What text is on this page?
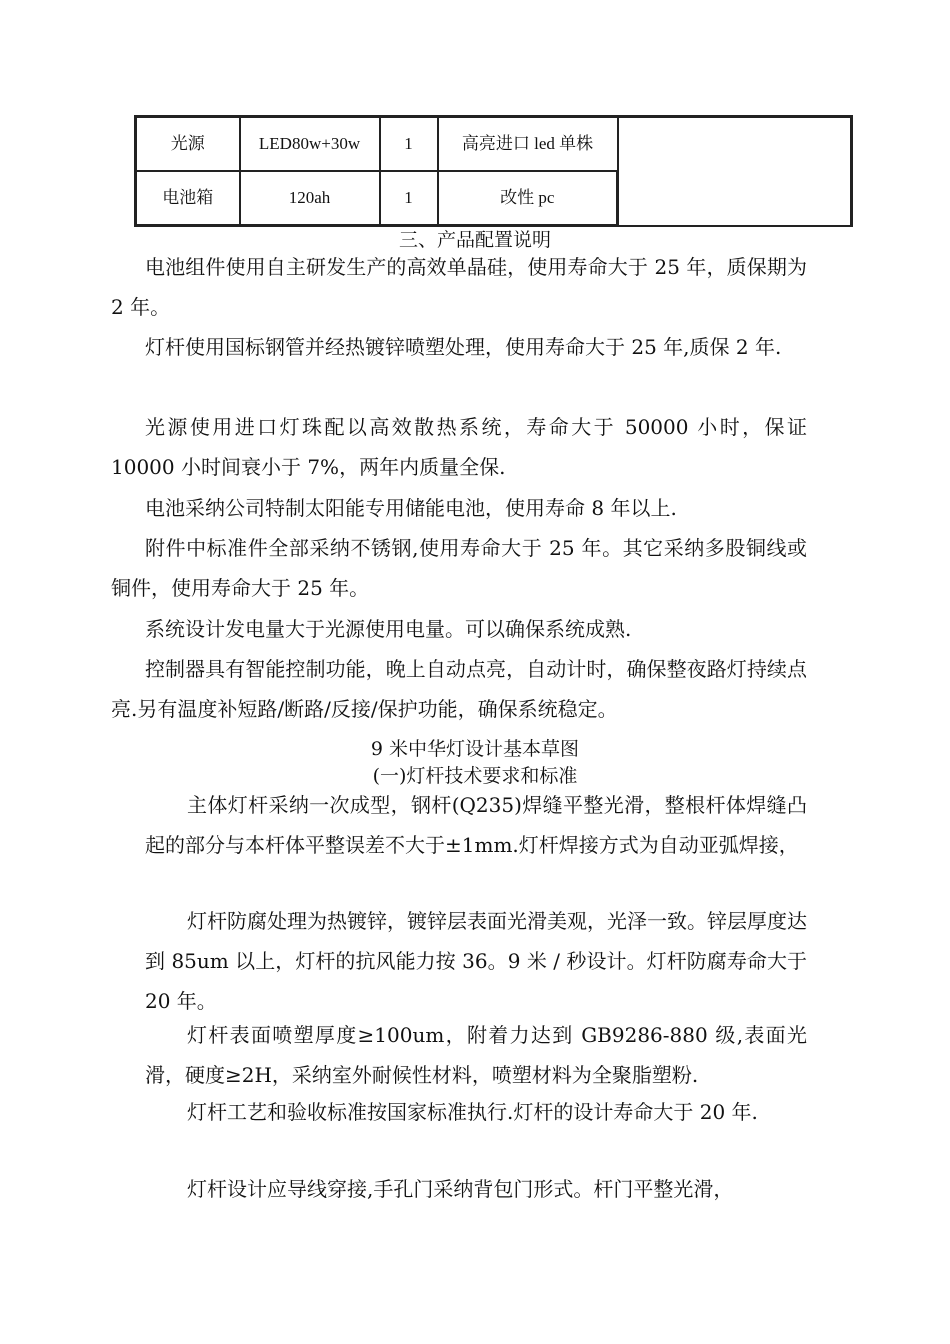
光源	LED80w+30w	1	高亮进口 led 单株	
电池箱	120ah	1	改性 pc	
三、产品配置说明

电池组件使用自主研发生产的高效单晶硅，使用寿命大于 25 年，质保期为 2 年。

灯杆使用国标钢管并经热镀锌喷塑处理，使用寿命大于 25 年,质保 2 年.

光源使用进口灯珠配以高效散热系统，寿命大于 50000 小时，保证 10000 小时间衰小于 7%，两年内质量全保.

电池采纳公司特制太阳能专用储能电池，使用寿命 8 年以上.

附件中标准件全部采纳不锈钢,使用寿命大于 25 年。其它采纳多股铜线或铜件，使用寿命大于 25 年。

系统设计发电量大于光源使用电量。可以确保系统成熟.

控制器具有智能控制功能，晚上自动点亮，自动计时，确保整夜路灯持续点亮.另有温度补短路/断路/反接/保护功能，确保系统稳定。

9 米中华灯设计基本草图
(一)灯杆技术要求和标准

主体灯杆采纳一次成型，钢杆(Q235)焊缝平整光滑，整根杆体焊缝凸起的部分与本杆体平整误差不大于±1mm.灯杆焊接方式为自动亚弧焊接，

灯杆防腐处理为热镀锌，镀锌层表面光滑美观，光泽一致。锌层厚度达到 85um 以上，灯杆的抗风能力按 36。9 米 / 秒设计。灯杆防腐寿命大于 20 年。

灯杆表面喷塑厚度≥100um，附着力达到 GB9286-880 级,表面光滑，硬度≥2H，采纳室外耐候性材料，喷塑材料为全聚脂塑粉.

灯杆工艺和验收标准按国家标准执行.灯杆的设计寿命大于 20 年.

灯杆设计应导线穿接,手孔门采纳背包门形式。杆门平整光滑，
